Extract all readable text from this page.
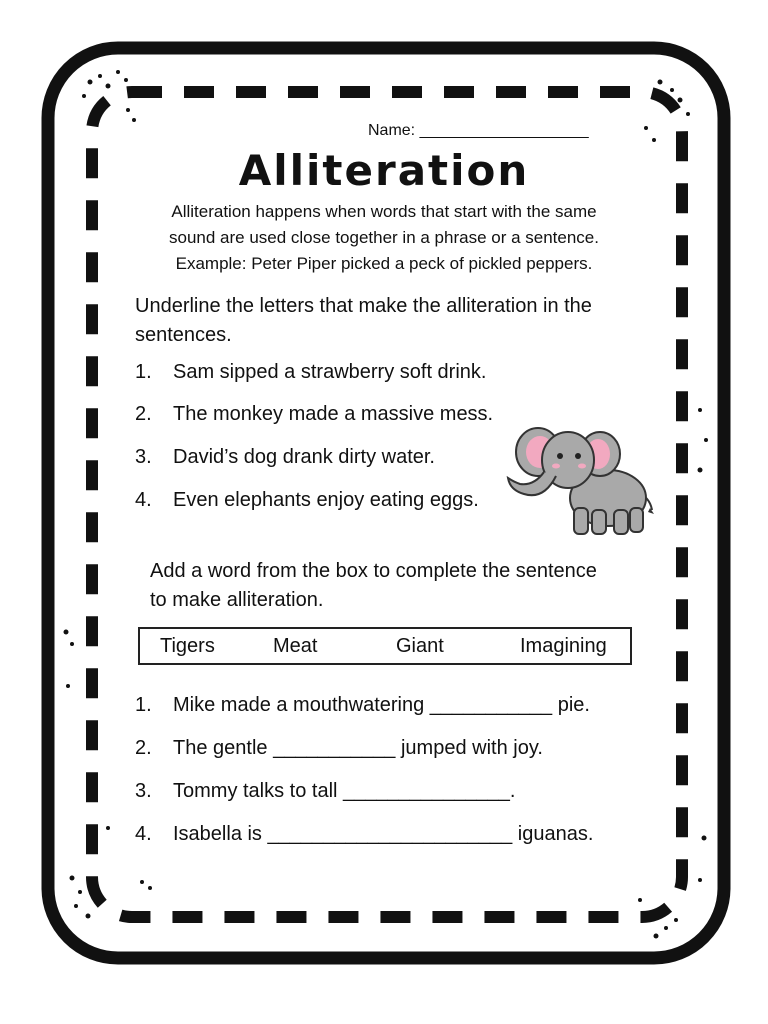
Name: ___________________
Alliteration
Alliteration happens when words that start with the same
sound are used close together in a phrase or a sentence.
Example: Peter Piper picked a peck of pickled peppers.
Underline the letters that make the alliteration in the sentences.
1. Sam sipped a strawberry soft drink.
2. The monkey made a massive mess.
3. David’s dog drank dirty water.
4. Even elephants enjoy eating eggs.
Add a word from the box to complete the sentence to make alliteration.
Tigers	Meat	Giant	Imagining
1. Mike made a mouthwatering ___________ pie.
2. The gentle ___________ jumped with joy.
3. Tommy talks to tall _______________.
4. Isabella is ______________________ iguanas.
